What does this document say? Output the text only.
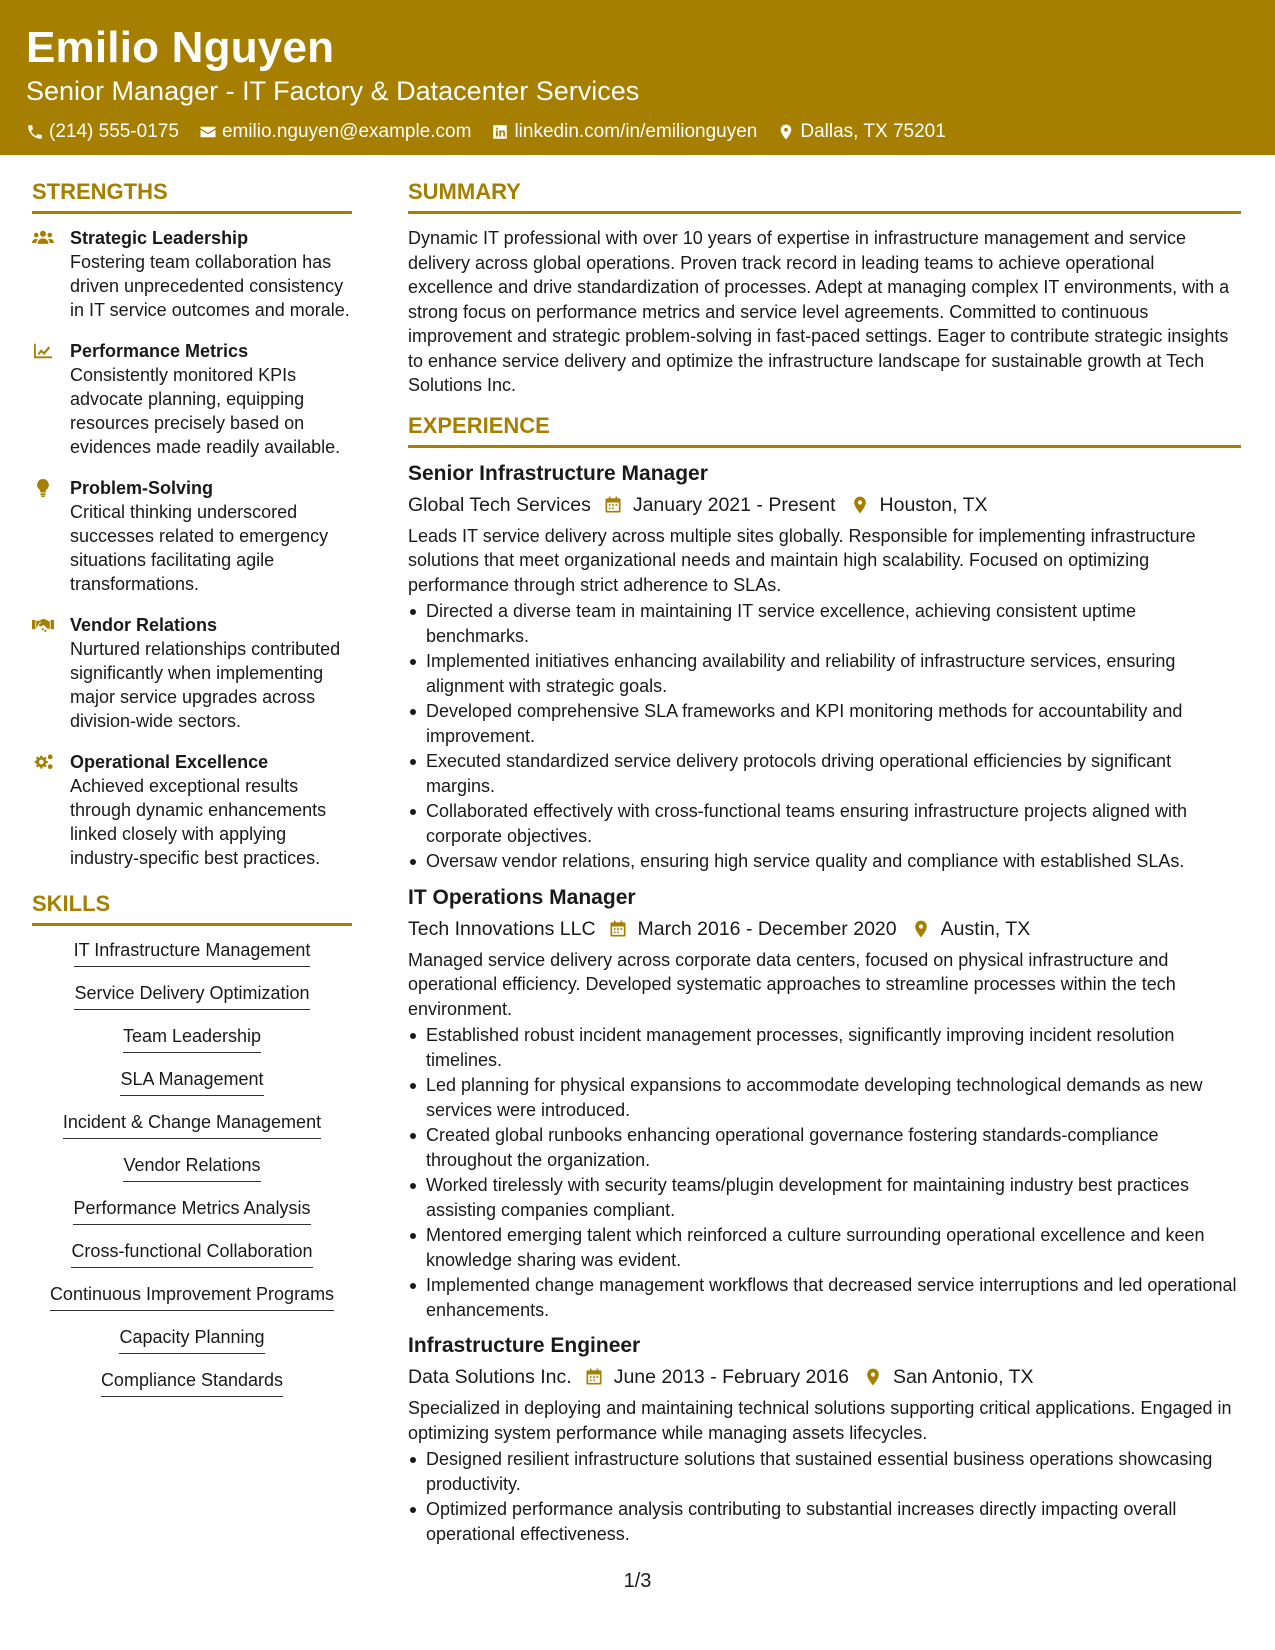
Emilio Nguyen
Senior Manager - IT Factory & Datacenter Services
(214) 555-0175 emilio.nguyen@example.com linkedin.com/in/emilionguyen Dallas, TX 75201
STRENGTHS
Strategic Leadership
Fostering team collaboration has driven unprecedented consistency in IT service outcomes and morale.
Performance Metrics
Consistently monitored KPIs advocate planning, equipping resources precisely based on evidences made readily available.
Problem-Solving
Critical thinking underscored successes related to emergency situations facilitating agile transformations.
Vendor Relations
Nurtured relationships contributed significantly when implementing major service upgrades across division-wide sectors.
Operational Excellence
Achieved exceptional results through dynamic enhancements linked closely with applying industry-specific best practices.
SKILLS
IT Infrastructure Management
Service Delivery Optimization
Team Leadership
SLA Management
Incident & Change Management
Vendor Relations
Performance Metrics Analysis
Cross-functional Collaboration
Continuous Improvement Programs
Capacity Planning
Compliance Standards
SUMMARY
Dynamic IT professional with over 10 years of expertise in infrastructure management and service delivery across global operations. Proven track record in leading teams to achieve operational excellence and drive standardization of processes. Adept at managing complex IT environments, with a strong focus on performance metrics and service level agreements. Committed to continuous improvement and strategic problem-solving in fast-paced settings. Eager to contribute strategic insights to enhance service delivery and optimize the infrastructure landscape for sustainable growth at Tech Solutions Inc.
EXPERIENCE
Senior Infrastructure Manager
Global Tech Services January 2021 - Present Houston, TX
Leads IT service delivery across multiple sites globally. Responsible for implementing infrastructure solutions that meet organizational needs and maintain high scalability. Focused on optimizing performance through strict adherence to SLAs.
Directed a diverse team in maintaining IT service excellence, achieving consistent uptime benchmarks.
Implemented initiatives enhancing availability and reliability of infrastructure services, ensuring alignment with strategic goals.
Developed comprehensive SLA frameworks and KPI monitoring methods for accountability and improvement.
Executed standardized service delivery protocols driving operational efficiencies by significant margins.
Collaborated effectively with cross-functional teams ensuring infrastructure projects aligned with corporate objectives.
Oversaw vendor relations, ensuring high service quality and compliance with established SLAs.
IT Operations Manager
Tech Innovations LLC March 2016 - December 2020 Austin, TX
Managed service delivery across corporate data centers, focused on physical infrastructure and operational efficiency. Developed systematic approaches to streamline processes within the tech environment.
Established robust incident management processes, significantly improving incident resolution timelines.
Led planning for physical expansions to accommodate developing technological demands as new services were introduced.
Created global runbooks enhancing operational governance fostering standards-compliance throughout the organization.
Worked tirelessly with security teams/plugin development for maintaining industry best practices assisting companies compliant.
Mentored emerging talent which reinforced a culture surrounding operational excellence and keen knowledge sharing was evident.
Implemented change management workflows that decreased service interruptions and led operational enhancements.
Infrastructure Engineer
Data Solutions Inc. June 2013 - February 2016 San Antonio, TX
Specialized in deploying and maintaining technical solutions supporting critical applications. Engaged in optimizing system performance while managing assets lifecycles.
Designed resilient infrastructure solutions that sustained essential business operations showcasing productivity.
Optimized performance analysis contributing to substantial increases directly impacting overall operational effectiveness.
1/3
